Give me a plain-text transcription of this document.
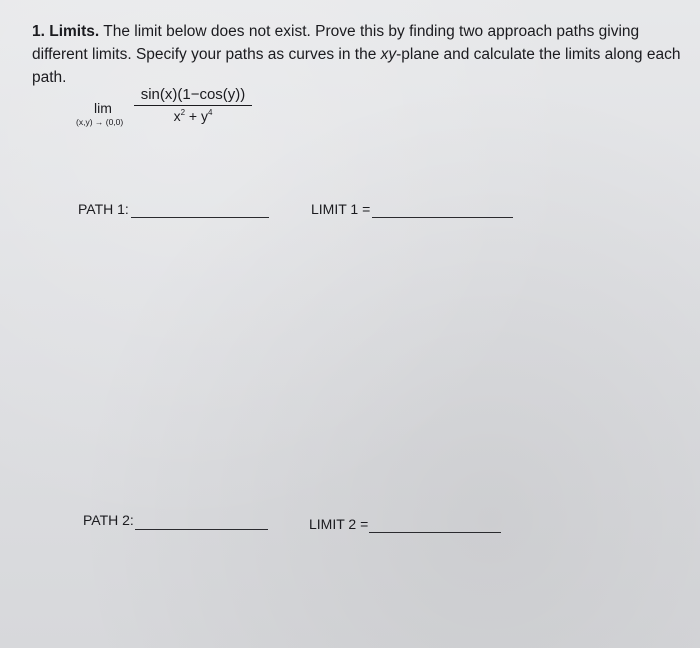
1. Limits. The limit below does not exist. Prove this by finding two approach paths giving different limits. Specify your paths as curves in the xy-plane and calculate the limits along each path.
lim
(x,y) → (0,0)
sin(x)(1−cos(y))
$x^2 + y^4$
PATH 1:	LIMIT 1 =
PATH 2:	LIMIT 2 =
